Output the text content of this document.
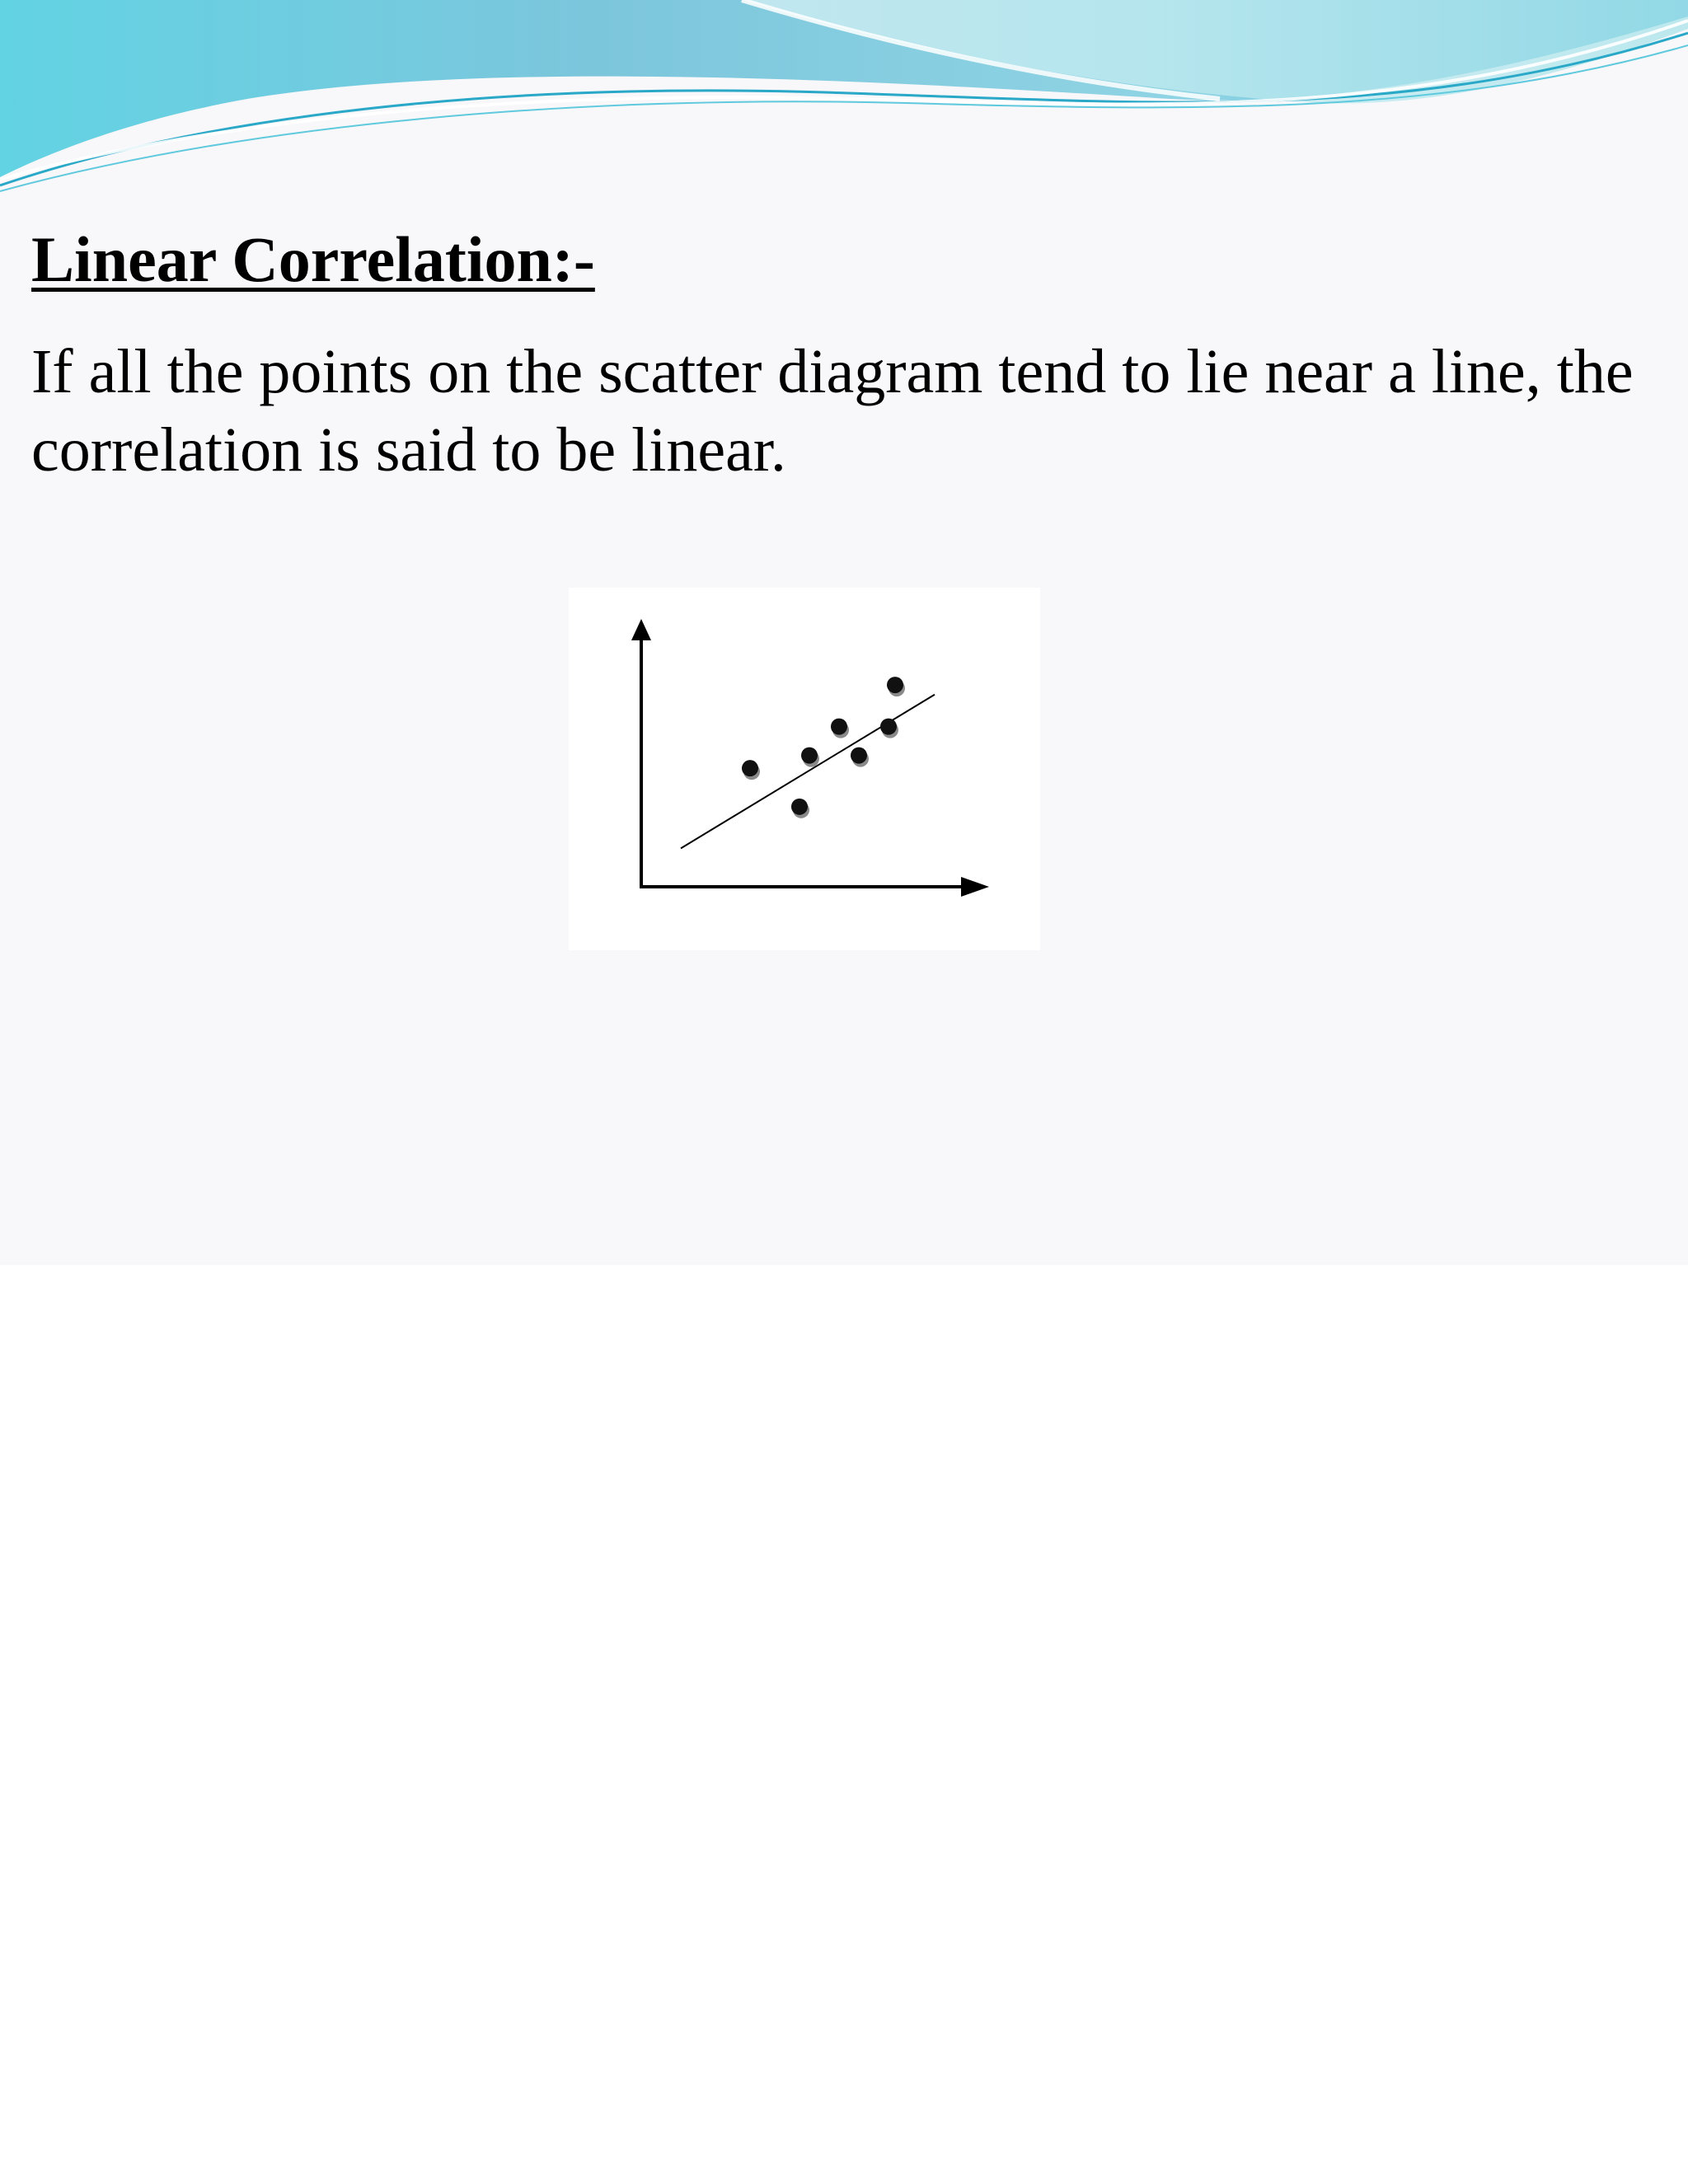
Linear Correlation:-

If all the points on the scatter diagram tend to lie near a line, the correlation is said to be linear.
